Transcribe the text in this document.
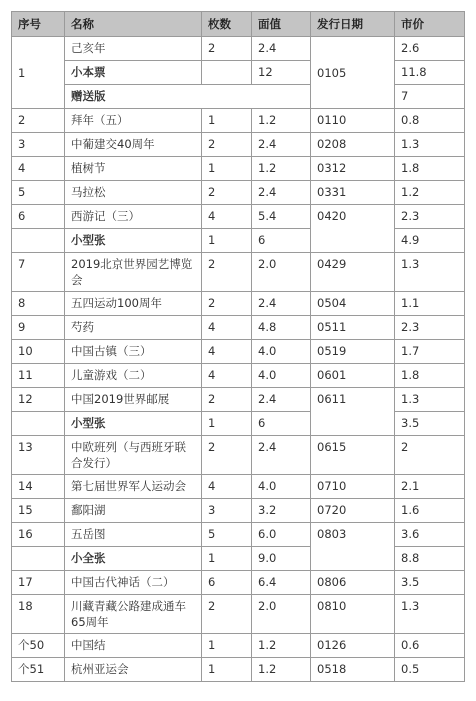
序号	名称	枚数	面值	发行日期	市价
1	己亥年	2	2.4	0105	2.6
	小本票		12		11.8
	赠送版				7
2	拜年（五）	1	1.2	0110	0.8
3	中葡建交40周年	2	2.4	0208	1.3
4	植树节	1	1.2	0312	1.8
5	马拉松	2	2.4	0331	1.2
6	西游记（三）	4	5.4	0420	2.3
	小型张	1	6		4.9
7	2019北京世界园艺博览会	2	2.0	0429	1.3
8	五四运动100周年	2	2.4	0504	1.1
9	芍药	4	4.8	0511	2.3
10	中国古镇（三）	4	4.0	0519	1.7
11	儿童游戏（二）	4	4.0	0601	1.8
12	中国2019世界邮展	2	2.4	0611	1.3
	小型张	1	6		3.5
13	中欧班列（与西班牙联合发行）	2	2.4	0615	2
14	第七届世界军人运动会	4	4.0	0710	2.1
15	鄱阳湖	3	3.2	0720	1.6
16	五岳图	5	6.0	0803	3.6
	小全张	1	9.0		8.8
17	中国古代神话（二）	6	6.4	0806	3.5
18	川藏青藏公路建成通车65周年	2	2.0	0810	1.3
个50	中国结	1	1.2	0126	0.6
个51	杭州亚运会	1	1.2	0518	0.5
